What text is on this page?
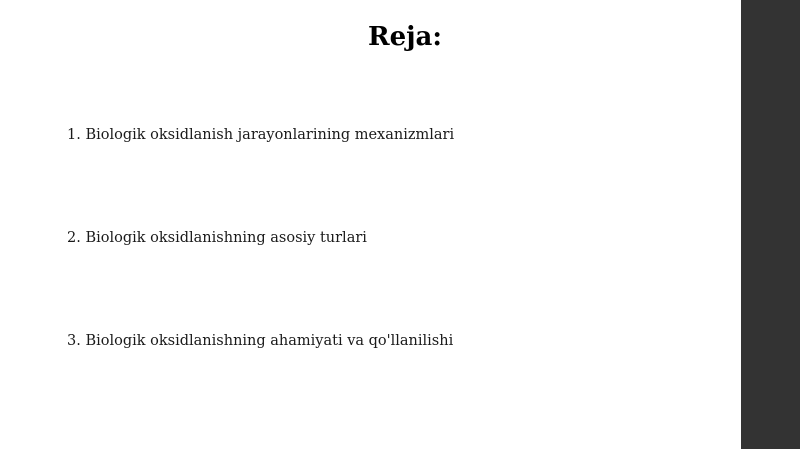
Reja:
1. Biologik oksidlanish jarayonlarining mexanizmlari
2. Biologik oksidlanishning asosiy turlari
3. Biologik oksidlanishning ahamiyati va qo'llanilishi
